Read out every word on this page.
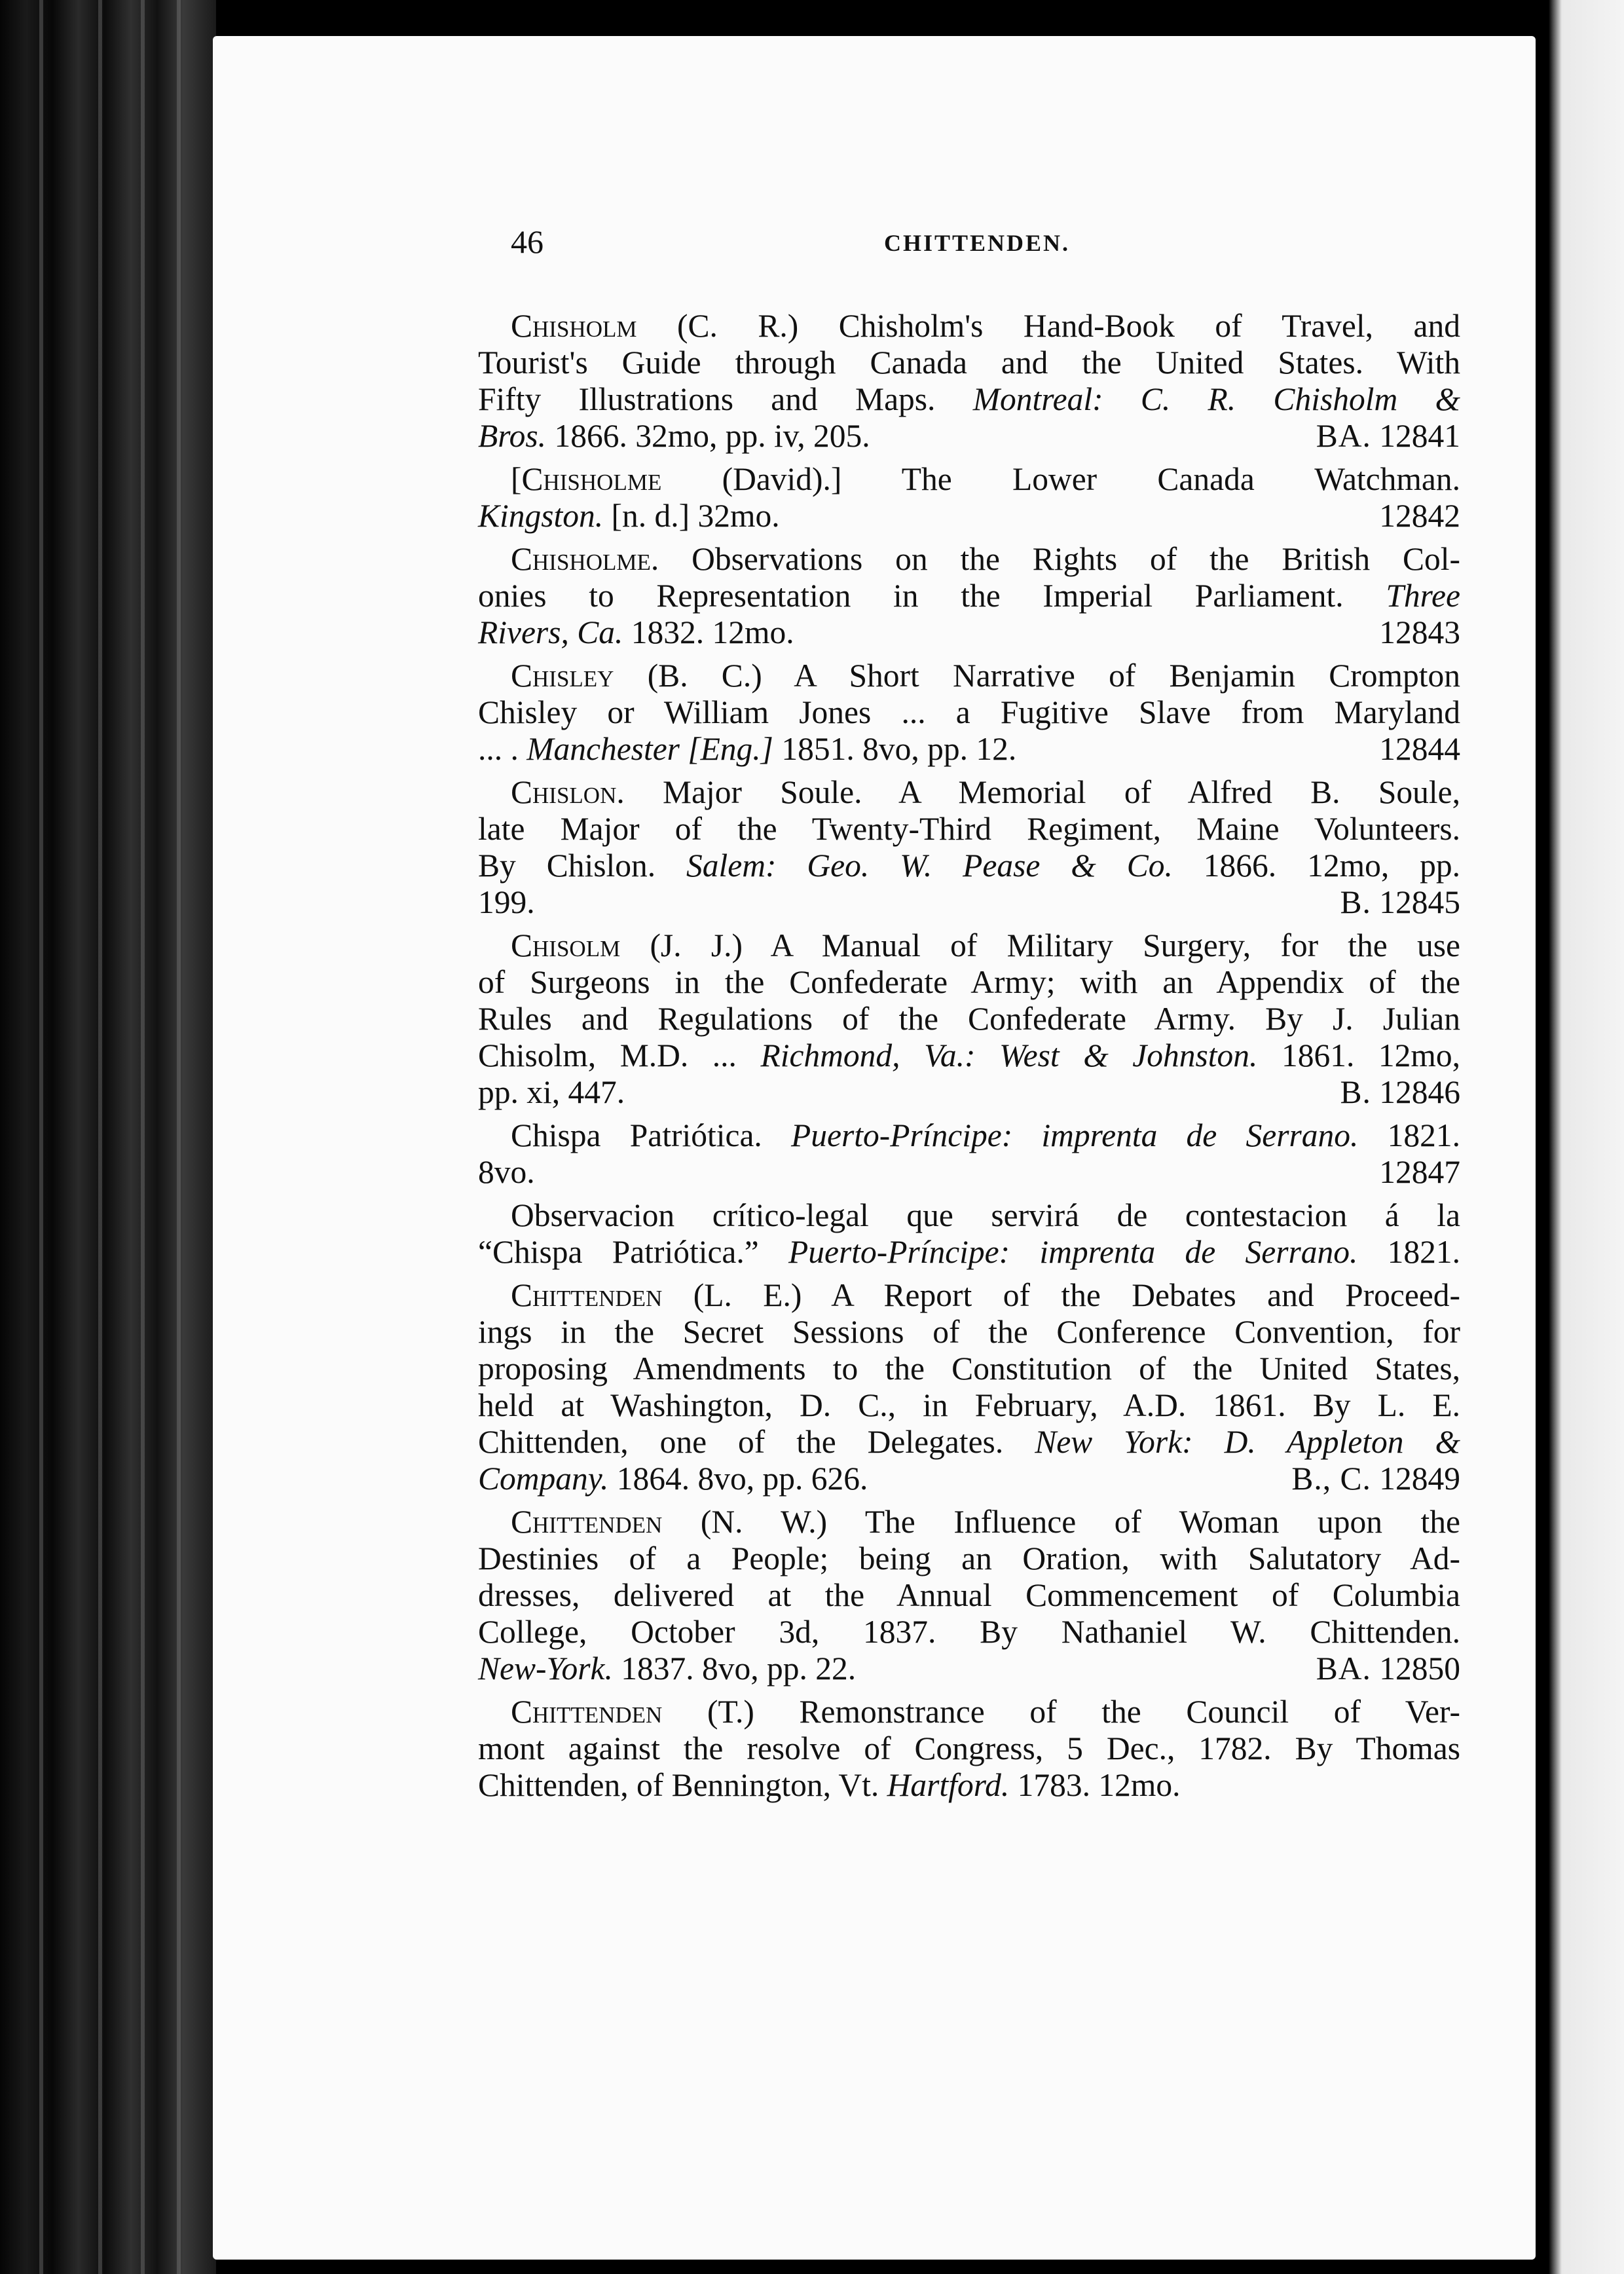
46	CHITTENDEN.
Chisholm (C. R.) Chisholm's Hand-Book of Travel, and
Tourist's Guide through Canada and the United States. With
Fifty Illustrations and Maps. Montreal: C. R. Chisholm &
Bros. 1866. 32mo, pp. iv, 205.	BA. 12841
[Chisholme (David).] The Lower Canada Watchman.
Kingston. [n. d.] 32mo.	12842
Chisholme. Observations on the Rights of the British Col-
onies to Representation in the Imperial Parliament. Three
Rivers, Ca. 1832. 12mo.	12843
Chisley (B. C.) A Short Narrative of Benjamin Crompton
Chisley or William Jones ... a Fugitive Slave from Maryland
... . Manchester [Eng.] 1851. 8vo, pp. 12.	12844
Chislon. Major Soule. A Memorial of Alfred B. Soule,
late Major of the Twenty-Third Regiment, Maine Volunteers.
By Chislon. Salem: Geo. W. Pease & Co. 1866. 12mo, pp.
199.	B. 12845
Chisolm (J. J.) A Manual of Military Surgery, for the use
of Surgeons in the Confederate Army; with an Appendix of the
Rules and Regulations of the Confederate Army. By J. Julian
Chisolm, M.D. ... Richmond, Va.: West & Johnston. 1861. 12mo,
pp. xi, 447.	B. 12846
Chispa Patriótica. Puerto-Príncipe: imprenta de Serrano. 1821.
8vo.	12847
Observacion crítico-legal que servirá de contestacion á la
“Chispa Patriótica.” Puerto-Príncipe: imprenta de Serrano. 1821.
Chittenden (L. E.) A Report of the Debates and Proceed-
ings in the Secret Sessions of the Conference Convention, for
proposing Amendments to the Constitution of the United States,
held at Washington, D. C., in February, A.D. 1861. By L. E.
Chittenden, one of the Delegates. New York: D. Appleton &
Company. 1864. 8vo, pp. 626.	B., C. 12849
Chittenden (N. W.) The Influence of Woman upon the
Destinies of a People; being an Oration, with Salutatory Ad-
dresses, delivered at the Annual Commencement of Columbia
College, October 3d, 1837. By Nathaniel W. Chittenden.
New-York. 1837. 8vo, pp. 22.	BA. 12850
Chittenden (T.) Remonstrance of the Council of Ver-
mont against the resolve of Congress, 5 Dec., 1782. By Thomas
Chittenden, of Bennington, Vt. Hartford. 1783. 12mo.
